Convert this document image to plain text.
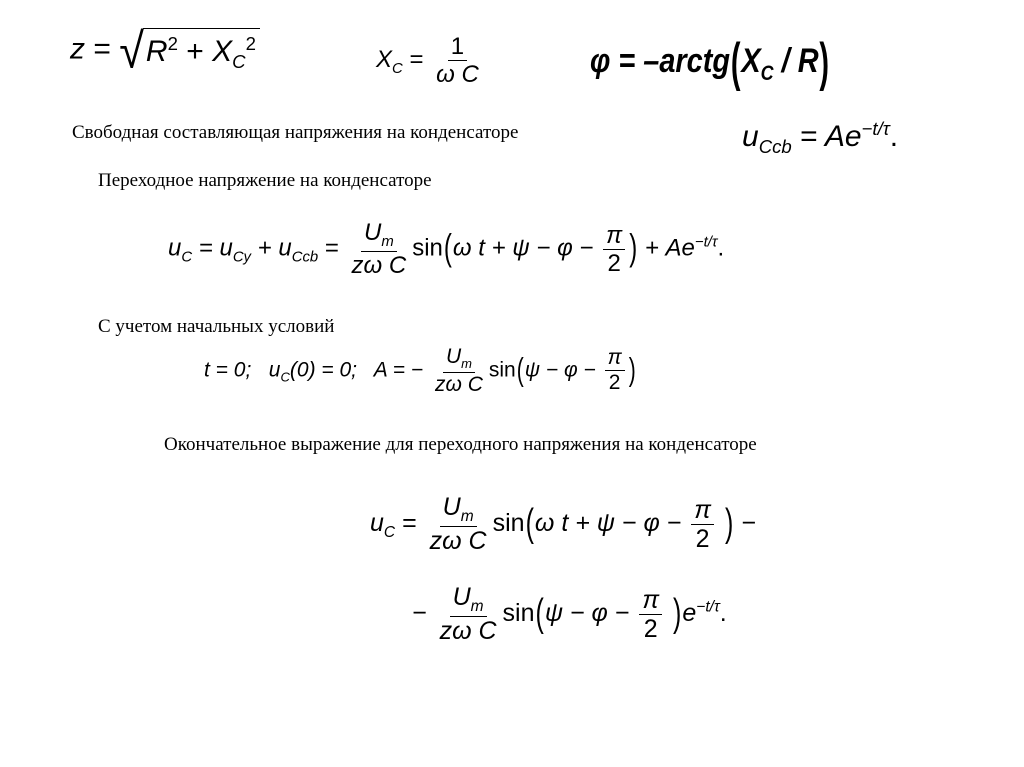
z = √ $R^2 + X_C^2$
$X_C = \frac{1}{\text{ω C}}$	$\varphi = -arctg(X_C / R)$
Свободная составляющая напряжения на конденсаторе	$u_{Ccb} = Ae^{-t/\tau}$.
Переходное напряжение на конденсаторе
$u_C = u_{Cy} + u_{Ccb} = \frac{U_m}{\text{zω C}} \sin(\omega$ $t + \psi - \varphi - \frac{\pi}{2}$ ) + $Ae^{-t/\tau}$.
С учетом начальных условий
t = 0; $u_C(0) = 0$; A = − $\frac{U_m}{\text{zω C}} \sin(\psi - \varphi - \frac{\pi}{2}$ )
Окончательное выражение для переходного напряжения на конденсаторе
$u_C = \frac{U_m}{\text{zω C}} \sin(\omega$ $t + \psi - \varphi - \frac{\pi}{2}$ ) −
− $\frac{U_m}{\text{zω C}} \sin(\psi - \varphi - \frac{\pi}{2} )e^{-t/\tau}$.
